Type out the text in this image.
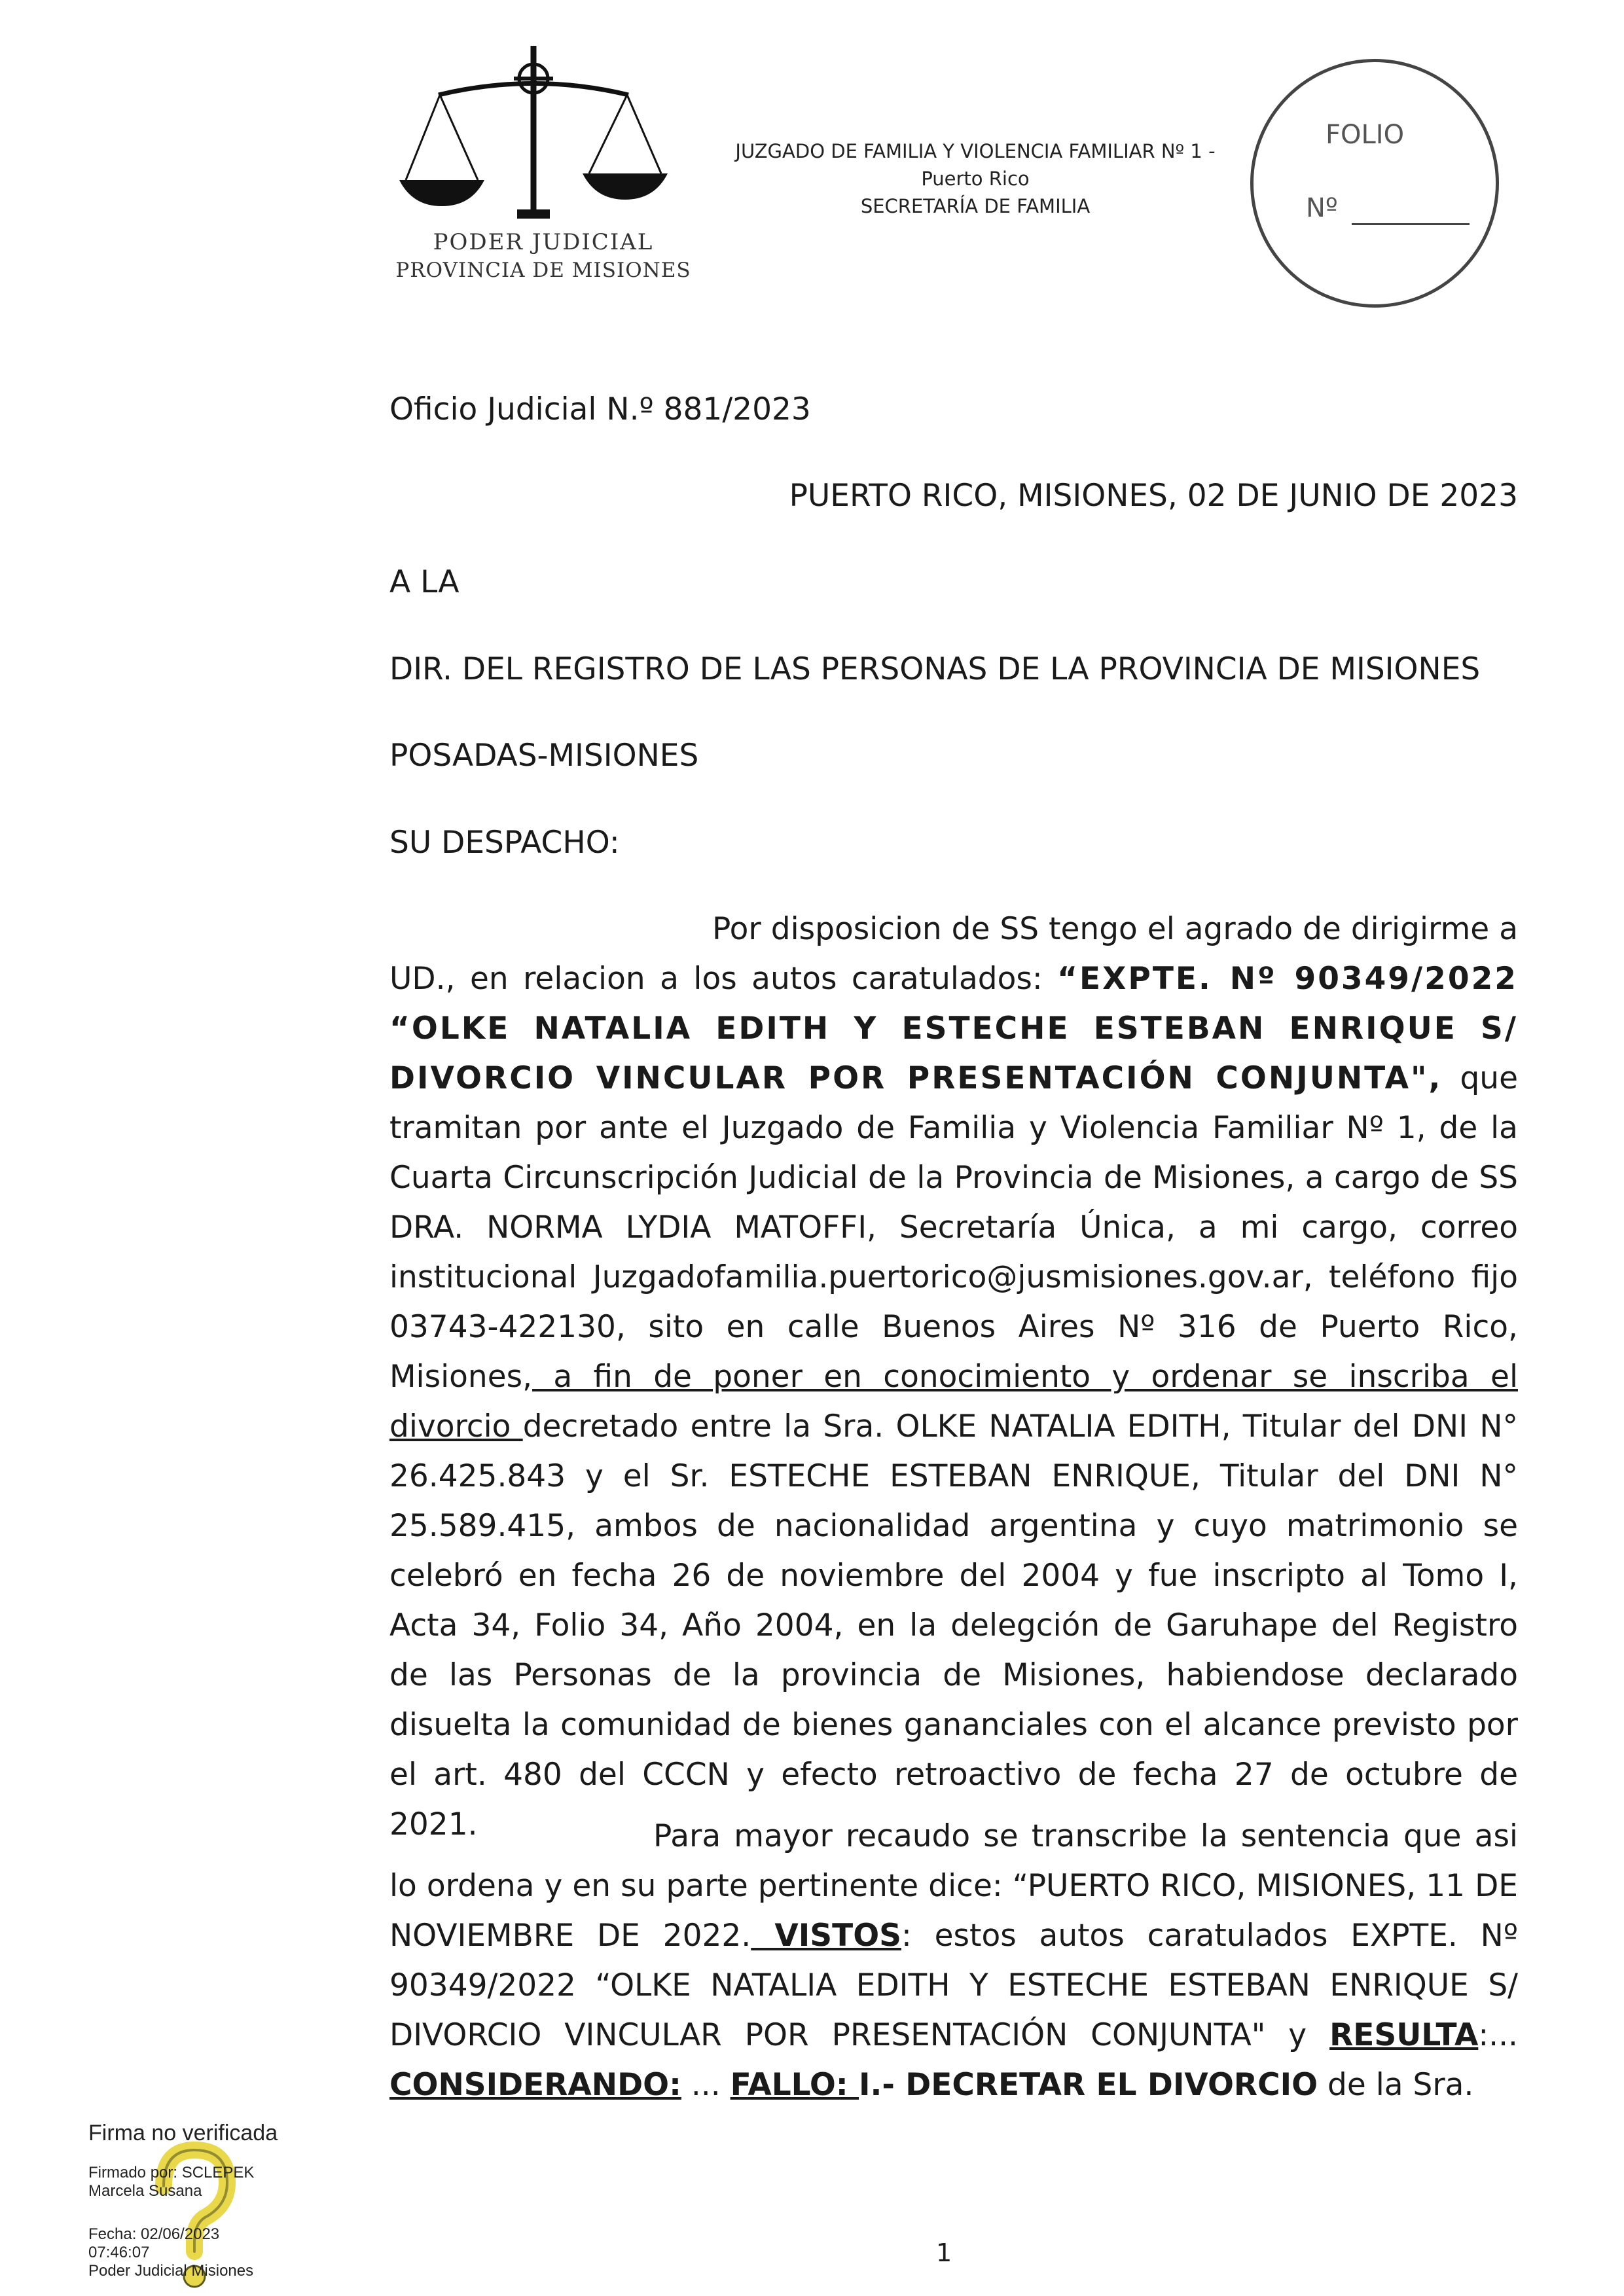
PODER JUDICIAL
PROVINCIA DE MISIONES
JUZGADO DE FAMILIA Y VIOLENCIA FAMILIAR Nº 1 -
Puerto Rico
SECRETARÍA DE FAMILIA
FOLIO
Nº
Oficio Judicial N.º 881/2023
PUERTO RICO, MISIONES, 02 DE JUNIO DE 2023
A LA
DIR. DEL REGISTRO DE LAS PERSONAS DE LA PROVINCIA DE MISIONES
POSADAS-MISIONES
SU DESPACHO:

Por disposicion de SS tengo el agrado de dirigirme a UD., en relacion a los autos caratulados: “EXPTE. Nº 90349/2022 “OLKE NATALIA EDITH Y ESTECHE ESTEBAN ENRIQUE S/ DIVORCIO VINCULAR POR PRESENTACIÓN CONJUNTA", que tramitan por ante el Juzgado de Familia y Violencia Familiar Nº 1, de la Cuarta Circunscripción Judicial de la Provincia de Misiones, a cargo de SS DRA. NORMA LYDIA MATOFFI, Secretaría Única, a mi cargo, correo institucional Juzgadofamilia.puertorico@jusmisiones.gov.ar, teléfono fijo 03743-422130, sito en calle Buenos Aires Nº 316 de Puerto Rico, Misiones, a fin de poner en conocimiento y ordenar se inscriba el divorcio decretado entre la Sra. OLKE NATALIA EDITH, Titular del DNI N° 26.425.843 y el Sr. ESTECHE ESTEBAN ENRIQUE, Titular del DNI N° 25.589.415, ambos de nacionalidad argentina y cuyo matrimonio se celebró en fecha 26 de noviembre del 2004 y fue inscripto al Tomo I, Acta 34, Folio 34, Año 2004, en la delegción de Garuhape del Registro de las Personas de la provincia de Misiones, habiendose declarado disuelta la comunidad de bienes gananciales con el alcance previsto por el art. 480 del CCCN y efecto retroactivo de fecha 27 de octubre de 2021.	Para mayor recaudo se transcribe la sentencia que asi lo ordena y en su parte pertinente dice: “PUERTO RICO, MISIONES, 11 DE NOVIEMBRE DE 2022. VISTOS: estos autos caratulados EXPTE. Nº 90349/2022 “OLKE NATALIA EDITH Y ESTECHE ESTEBAN ENRIQUE S/ DIVORCIO VINCULAR POR PRESENTACIÓN CONJUNTA" y RESULTA:... CONSIDERANDO: ... FALLO: I.- DECRETAR EL DIVORCIO de la Sra.

Firma no verificada
Firmado por: SCLEPEK
Marcela Susana
Fecha: 02/06/2023
07:46:07
Poder Judicial Misiones
1
